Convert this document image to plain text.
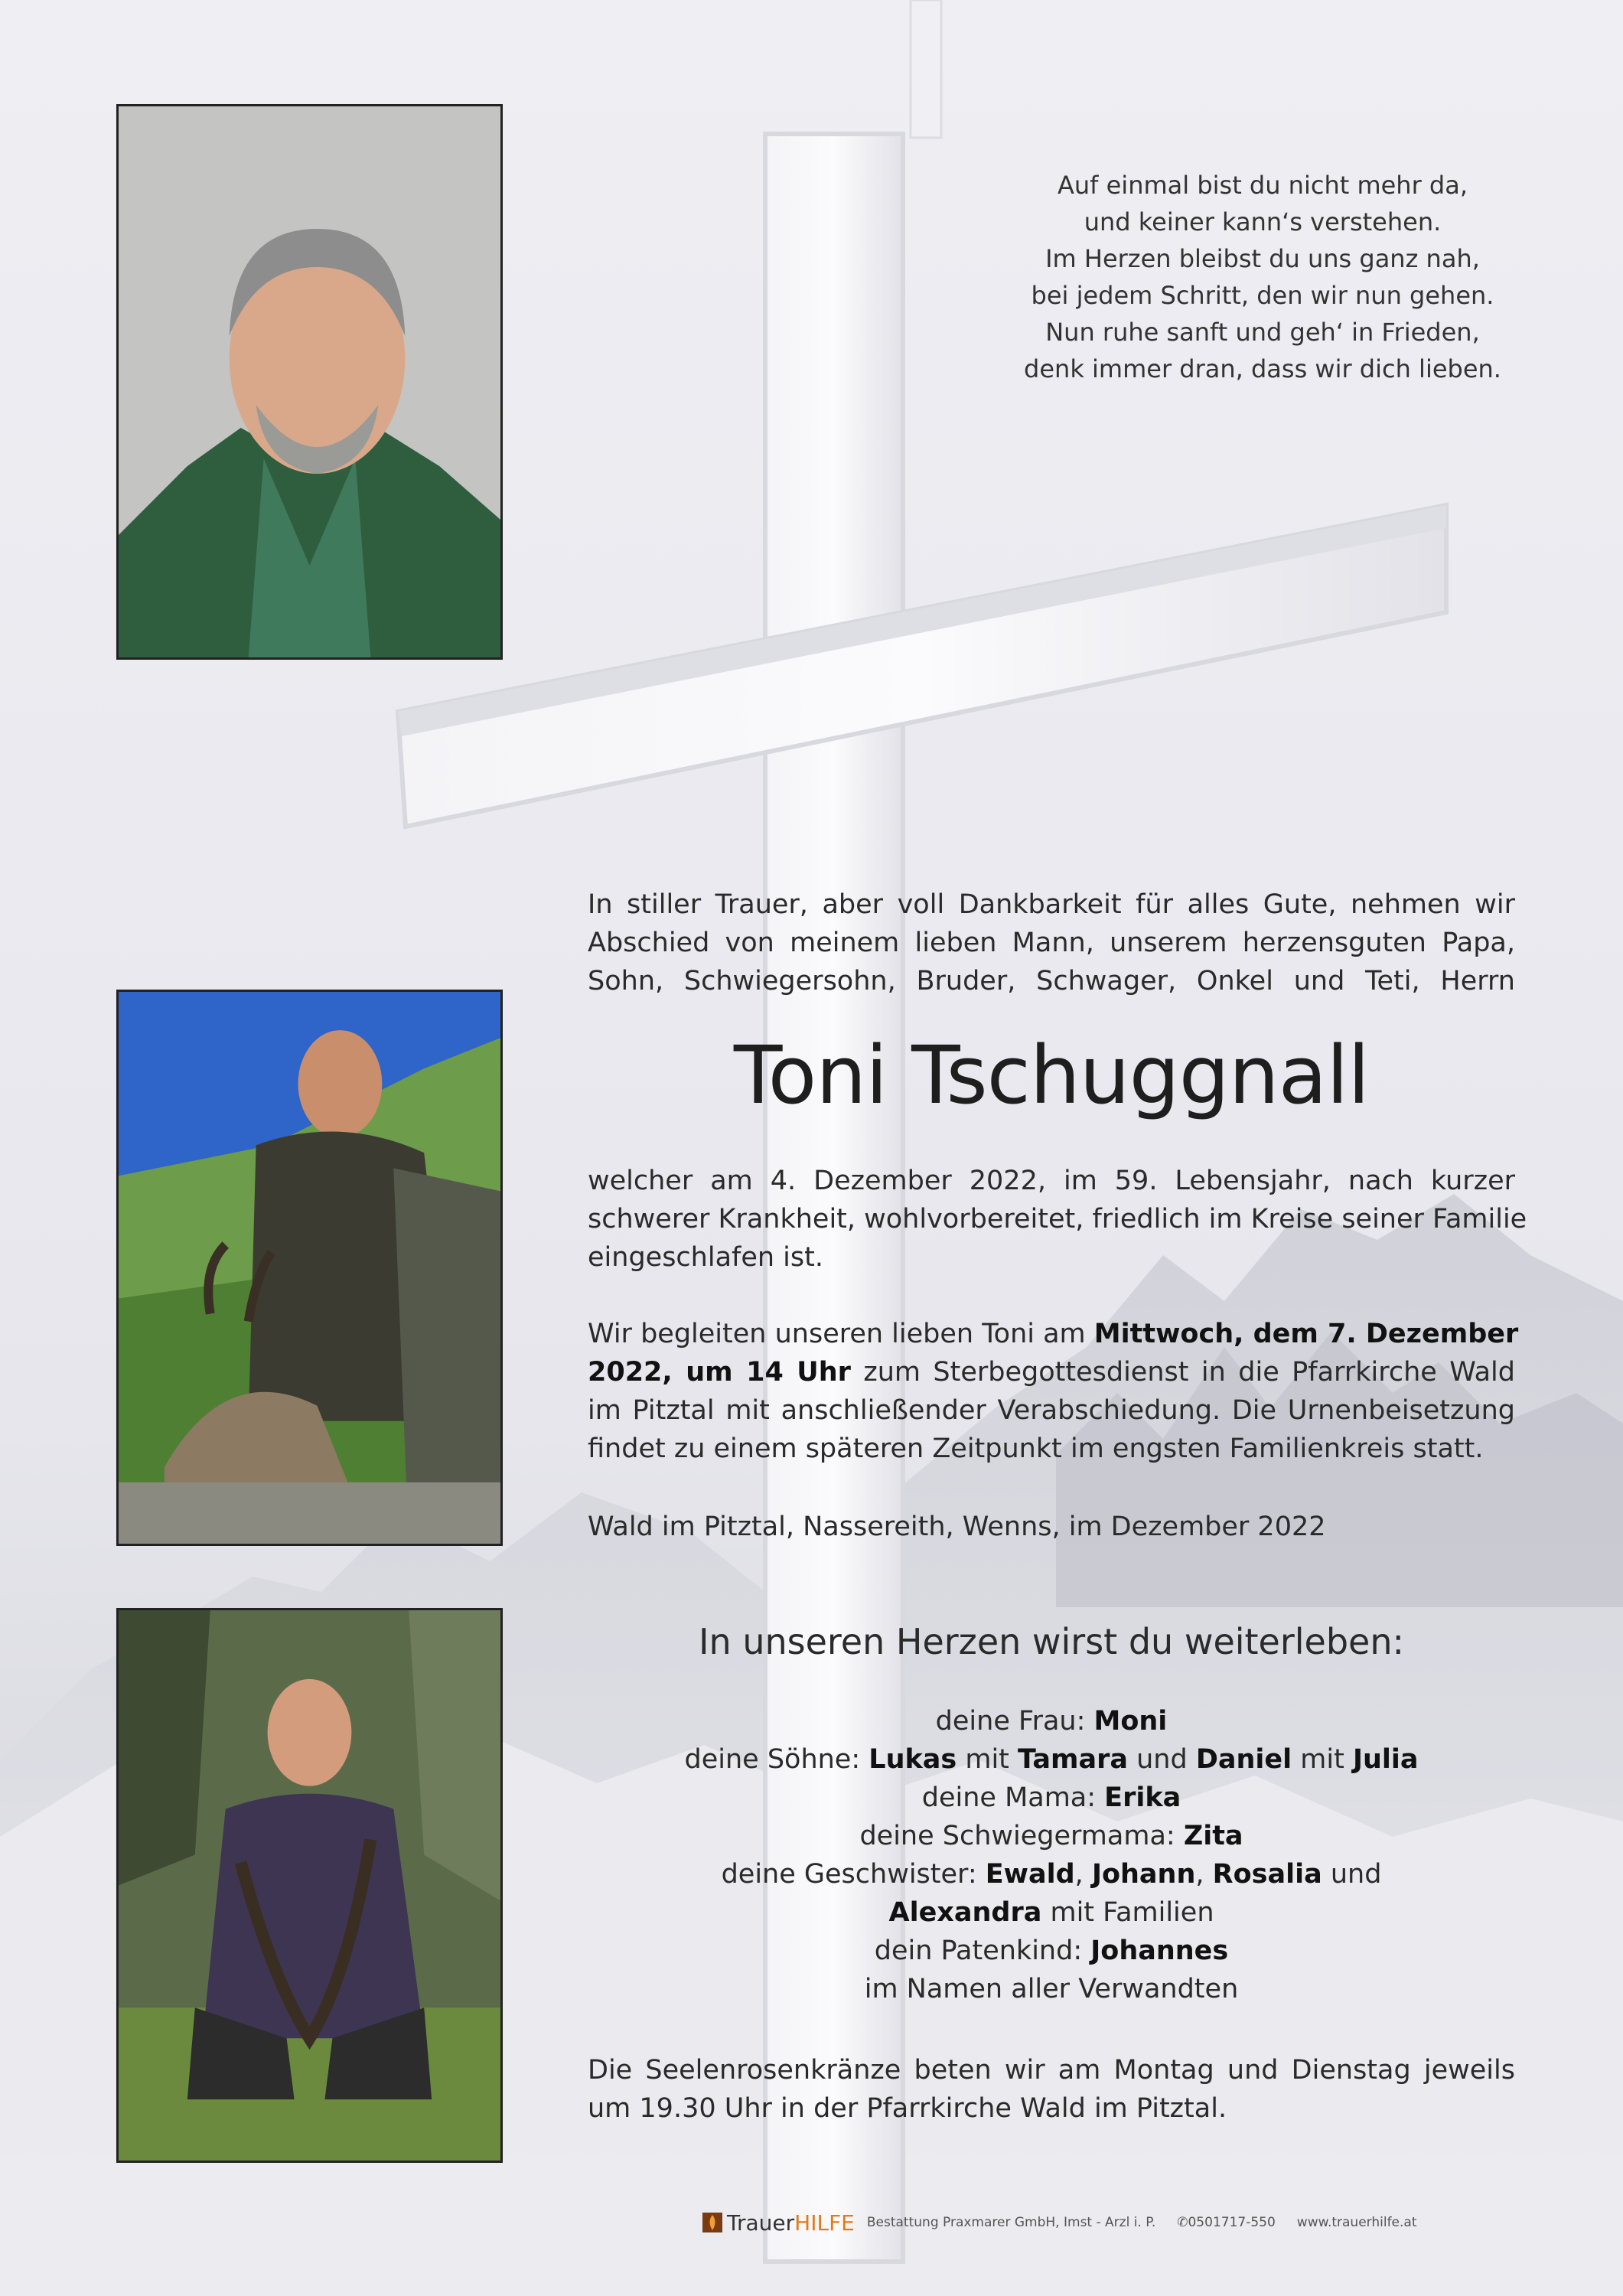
Auf einmal bist du nicht mehr da,
und keiner kann‘s verstehen.
Im Herzen bleibst du uns ganz nah,
bei jedem Schritt, den wir nun gehen.
Nun ruhe sanft und geh‘ in Frieden,
denk immer dran, dass wir dich lieben.
In stiller Trauer, aber voll Dankbarkeit für alles Gute, nehmen wir
Abschied von meinem lieben Mann, unserem herzensguten Papa,
Sohn, Schwiegersohn, Bruder, Schwager, Onkel und Teti, Herrn
Toni Tschuggnall
welcher am 4. Dezember 2022, im 59. Lebensjahr, nach kurzer
schwerer Krankheit, wohlvorbereitet, friedlich im Kreise seiner Familie
eingeschlafen ist.
Wir begleiten unseren lieben Toni am Mittwoch, dem 7. Dezember
2022, um 14 Uhr zum Sterbegottesdienst in die Pfarrkirche Wald
im Pitztal mit anschließender Verabschiedung. Die Urnenbeisetzung
findet zu einem späteren Zeitpunkt im engsten Familienkreis statt.
Wald im Pitztal, Nassereith, Wenns, im Dezember 2022
In unseren Herzen wirst du weiterleben:
deine Frau: Moni
deine Söhne: Lukas mit Tamara und Daniel mit Julia
deine Mama: Erika
deine Schwiegermama: Zita
deine Geschwister: Ewald, Johann, Rosalia und
Alexandra mit Familien
dein Patenkind: Johannes
im Namen aller Verwandten
Die Seelenrosenkränze beten wir am Montag und Dienstag jeweils
um 19.30 Uhr in der Pfarrkirche Wald im Pitztal.
TrauerHILFE Bestattung Praxmarer GmbH, Imst - Arzl i. P. ✆0501717-550 www.trauerhilfe.at
